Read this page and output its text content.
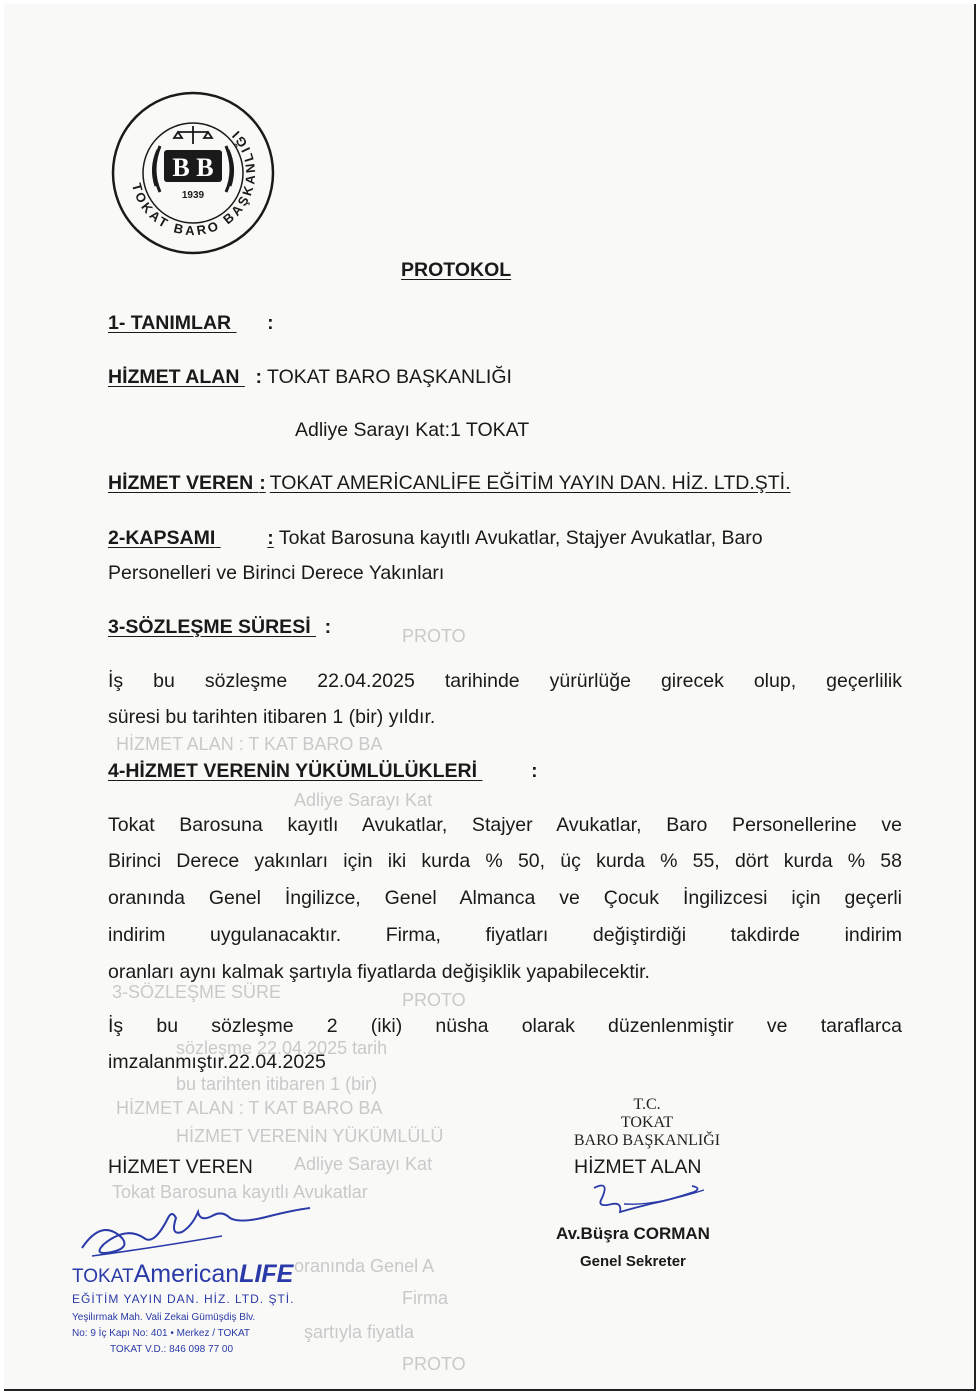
PROTO
HİZMET ALAN : T KAT BARO BA
Adliye Sarayı Kat
3-SÖZLEŞME SÜRE	PROTO
sözleşme 22.04.2025 tarih
bu tarihten itibaren 1 (bir)
HİZMET ALAN : T KAT BARO BA
HİZMET VERENİN YÜKÜMLÜLÜ
Adliye Sarayı Kat
Tokat Barosuna kayıtlı Avukatlar
oranında Genel A
Firma
şartıyla fiyatla
PROTO
TOKAT BARO BAŞKANLIĞI
B B
1939
PROTOKOL
1- TANIMLAR :
HİZMET ALAN : TOKAT BARO BAŞKANLIĞI
Adliye Sarayı Kat:1 TOKAT
HİZMET VEREN : TOKAT AMERİCANLİFE EĞİTİM YAYIN DAN. HİZ. LTD.ŞTİ.
2-KAPSAMI	: Tokat Barosuna kayıtlı Avukatlar, Stajyer Avukatlar, Baro
Personelleri ve Birinci Derece Yakınları
3-SÖZLEŞME SÜRESİ :
İş bu sözleşme 22.04.2025 tarihinde yürürlüğe girecek olup, geçerlilik
süresi bu tarihten itibaren 1 (bir) yıldır.
4-HİZMET VERENİN YÜKÜMLÜLÜKLERİ	:
Tokat Barosuna kayıtlı Avukatlar, Stajyer Avukatlar, Baro Personellerine ve
Birinci Derece yakınları için iki kurda % 50, üç kurda % 55, dört kurda % 58
oranında Genel İngilizce, Genel Almanca ve Çocuk İngilizcesi için geçerli
indirim uygulanacaktır. Firma, fiyatları değiştirdiği takdirde indirim
oranları aynı kalmak şartıyla fiyatlarda değişiklik yapabilecektir.
İş bu sözleşme 2 (iki) nüsha olarak düzenlenmiştir ve taraflarca
imzalanmıştır.22.04.2025
HİZMET VEREN
TOKATAmericanLIFE
EĞİTİM YAYIN DAN. HİZ. LTD. ŞTİ.
Yeşilırmak Mah. Vali Zekai Gümüşdiş Blv.
No: 9 İç Kapı No: 401 • Merkez / TOKAT
TOKAT V.D.: 846 098 77 00
T.C.
TOKAT
BARO BAŞKANLIĞI
HİZMET ALAN
Av.Büşra CORMAN
Genel Sekreter
